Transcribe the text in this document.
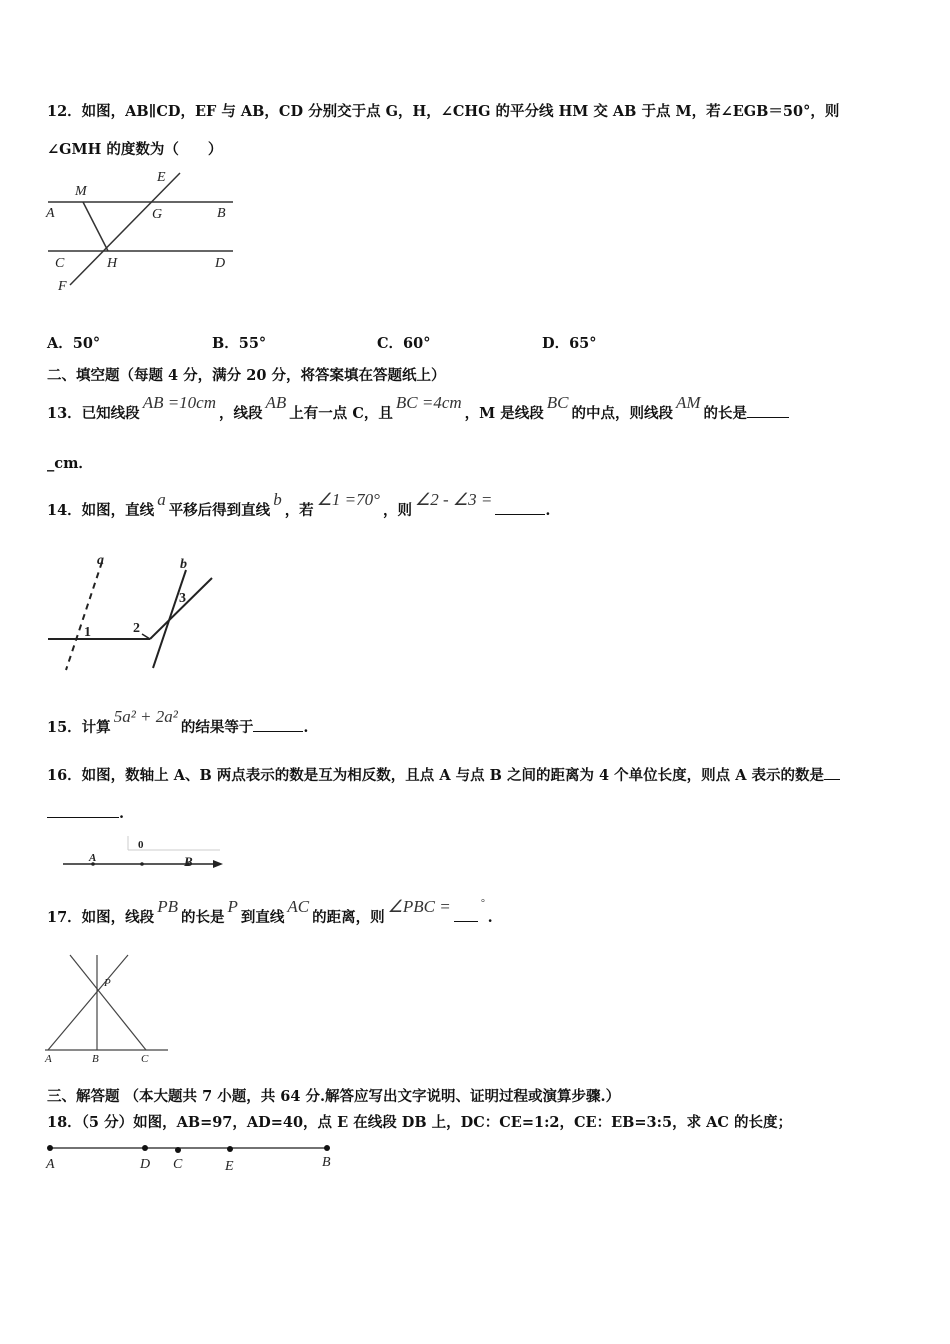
12．如图，AB∥CD，EF 与 AB，CD 分别交于点 G，H，∠CHG 的平分线 HM 交 AB 于点 M，若∠EGB＝50°，则
∠GMH 的度数为（　　）
M
E
A	G	B
C	H	D
F
A．50°	B．55°	C．60°	D．65°
二、填空题（每题 4 分，满分 20 分，将答案填在答题纸上）
13．已知线段AB =10cm，线段AB上有一点 C，且BC =4cm，M 是线段BC的中点，则线段AM的长是
_cm．
14．如图，直线a平移后得到直线b，若∠1 =70°，则∠2 - ∠3 =.
a	b
1	2
3
15．计算5a² + 2a²的结果等于	.
16．如图，数轴上 A、B 两点表示的数是互为相反数，且点 A 与点 B 之间的距离为 4 个单位长度，则点 A 表示的数是
.
A
0
B
17．如图，线段PB的长是P到直线AC的距离，则∠PBC =	°.
P
A	B	C
三、解答题 （本大题共 7 小题，共 64 分.解答应写出文字说明、证明过程或演算步骤.）
18．（5 分）如图，AB=97，AD=40，点 E 在线段 DB 上，DC：CE=1:2，CE：EB=3:5，求 AC 的长度；
A	D C	E	B
